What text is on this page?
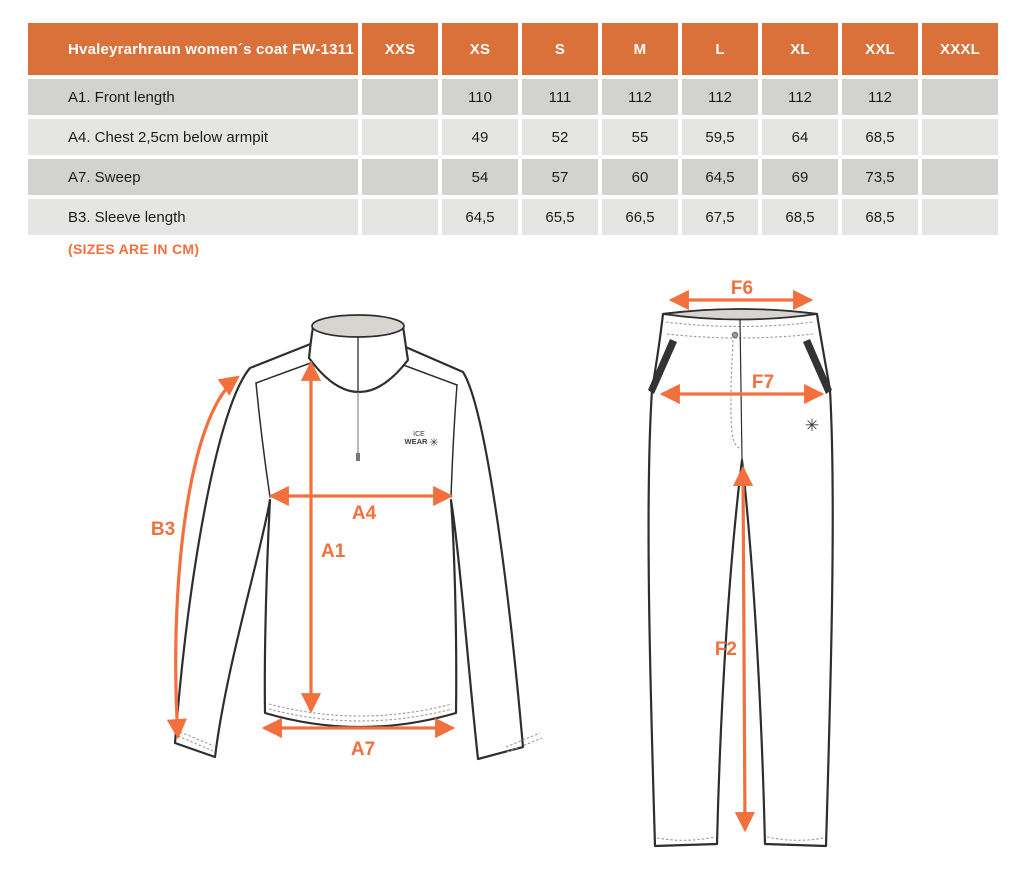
Hvaleyrarhraun women´s coat FW-1311	XXS	XS	S	M	L	XL	XXL	XXXL
A1. Front length		110	111	112	112	112	112	
A4. Chest 2,5cm below armpit		49	52	55	59,5	64	68,5	
A7. Sweep		54	57	60	64,5	69	73,5	
B3. Sleeve length		64,5	65,5	66,5	67,5	68,5	68,5	
(SIZES ARE IN CM)
ICE
WEAR ✳
B3
A4
A1
A7
✳
F6
F7
F2
